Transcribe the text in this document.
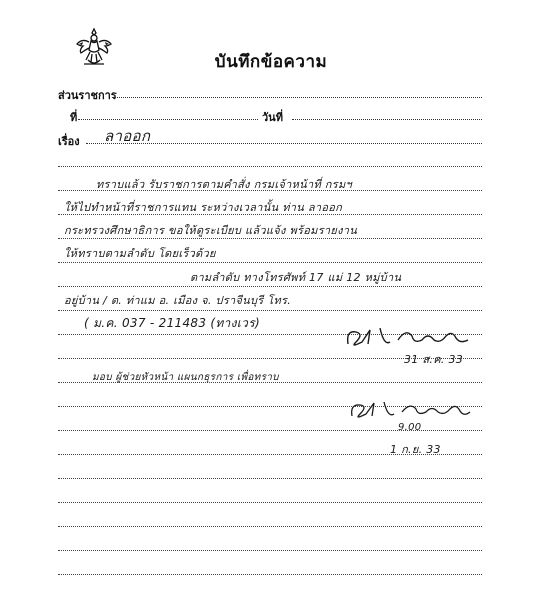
บันทึกข้อความ
ส่วนราชการ
ที่	วันที่
เรื่อง ลาออก
ทราบแล้ว รับราชการตามคำสั่ง กรมเจ้าหน้าที่ กรมฯ
ให้ไปทำหน้าที่ราชการแทน ระหว่างเวลานั้น ท่าน ลาออก
กระทรวงศึกษาธิการ ขอให้ดูระเบียบ แล้วแจ้ง พร้อมรายงาน
ให้ทราบตามลำดับ โดยเร็วด้วย
ตามลำดับ ทางโทรศัพท์ 17 แม่ 12 หมู่บ้าน
อยู่บ้าน / ต. ท่าแม อ. เมือง จ. ปราจีนบุรี โทร.
( ม.ค. 037 - 211483 (ทางเวร)
31 ส.ค. 33
มอบ ผู้ช่วยหัวหน้า แผนกธุรการ เพื่อทราบ
9.00
1 ก.ย. 33
